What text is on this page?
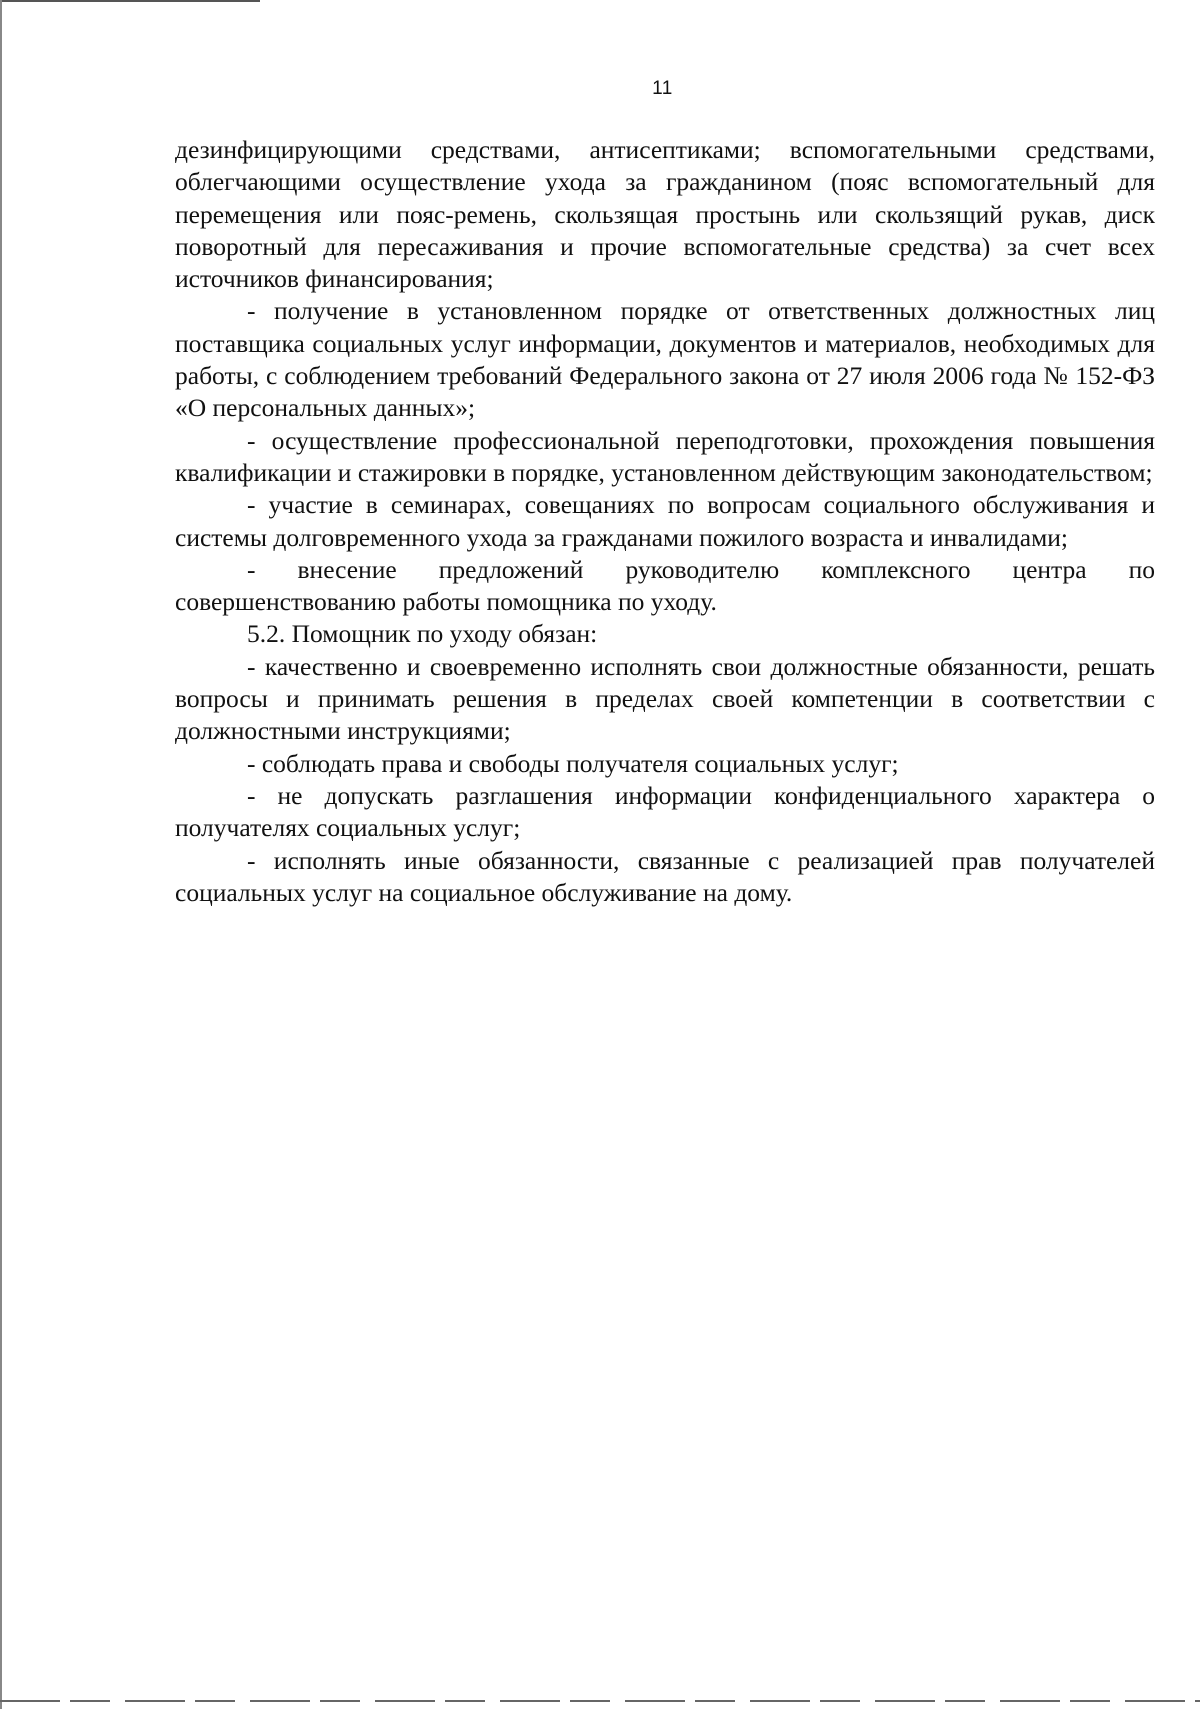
11

дезинфицирующими средствами, антисептиками; вспомогательными средствами, облегчающими осуществление ухода за гражданином (пояс вспомогательный для перемещения или пояс-ремень, скользящая простынь или скользящий рукав, диск поворотный для пересаживания и прочие вспомогательные средства) за счет всех источников финансирования;

- получение в установленном порядке от ответственных должностных лиц поставщика социальных услуг информации, документов и материалов, необходимых для работы, с соблюдением требований Федерального закона от 27 июля 2006 года № 152-ФЗ «О персональных данных»;

- осуществление профессиональной переподготовки, прохождения повышения квалификации и стажировки в порядке, установленном действующим законодательством;

- участие в семинарах, совещаниях по вопросам социального обслуживания и системы долговременного ухода за гражданами пожилого возраста и инвалидами;

- внесение предложений руководителю комплексного центра по совершенствованию работы помощника по уходу.

5.2. Помощник по уходу обязан:

- качественно и своевременно исполнять свои должностные обязанности, решать вопросы и принимать решения в пределах своей компетенции в соответствии с должностными инструкциями;

- соблюдать права и свободы получателя социальных услуг;

- не допускать разглашения информации конфиденциального характера о получателях социальных услуг;

- исполнять иные обязанности, связанные с реализацией прав получателей социальных услуг на социальное обслуживание на дому.
